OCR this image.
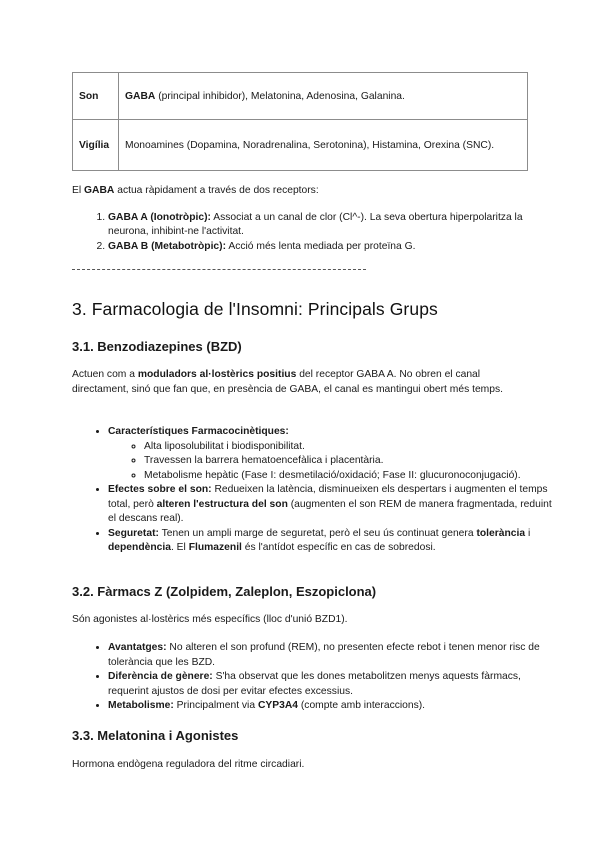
Son	GABA (principal inhibidor), Melatonina, Adenosina, Galanina.
Vigília	Monoamines (Dopamina, Noradrenalina, Serotonina), Histamina, Orexina (SNC).
El GABA actua ràpidament a través de dos receptors:
1. GABA A (Ionotròpic): Associat a un canal de clor (Cl^-). La seva obertura hiperpolaritza la neurona, inhibint-ne l'activitat.
2. GABA B (Metabotròpic): Acció més lenta mediada per proteïna G.
3. Farmacologia de l'Insomni: Principals Grups
3.1. Benzodiazepines (BZD)
Actuen com a moduladors al·lostèrics positius del receptor GABA A. No obren el canal directament, sinó que fan que, en presència de GABA, el canal es mantingui obert més temps.
• Característiques Farmacocinètiques:
◦ Alta liposolubilitat i biodisponibilitat.
◦ Travessen la barrera hematoencefàlica i placentària.
◦ Metabolisme hepàtic (Fase I: desmetilació/oxidació; Fase II: glucuronoconjugació).
• Efectes sobre el son: Redueixen la latència, disminueixen els despertars i augmenten el temps total, però alteren l'estructura del son (augmenten el son REM de manera fragmentada, reduint el descans real).
• Seguretat: Tenen un ampli marge de seguretat, però el seu ús continuat genera tolerància i dependència. El Flumazenil és l'antídot específic en cas de sobredosi.
3.2. Fàrmacs Z (Zolpidem, Zaleplon, Eszopiclona)
Són agonistes al·lostèrics més específics (lloc d'unió BZD1).
• Avantatges: No alteren el son profund (REM), no presenten efecte rebot i tenen menor risc de tolerància que les BZD.
• Diferència de gènere: S'ha observat que les dones metabolitzen menys aquests fàrmacs, requerint ajustos de dosi per evitar efectes excessius.
• Metabolisme: Principalment via CYP3A4 (compte amb interaccions).
3.3. Melatonina i Agonistes
Hormona endògena reguladora del ritme circadiari.
